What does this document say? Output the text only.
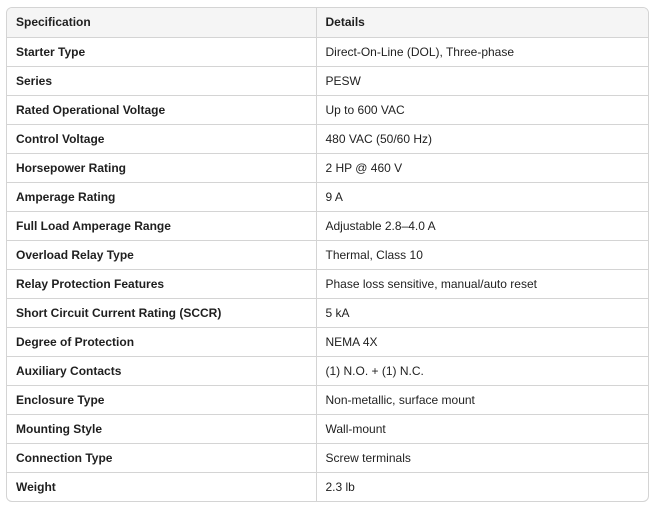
Specification	Details
Starter Type	Direct-On-Line (DOL), Three-phase
Series	PESW
Rated Operational Voltage	Up to 600 VAC
Control Voltage	480 VAC (50/60 Hz)
Horsepower Rating	2 HP @ 460 V
Amperage Rating	9 A
Full Load Amperage Range	Adjustable 2.8–4.0 A
Overload Relay Type	Thermal, Class 10
Relay Protection Features	Phase loss sensitive, manual/auto reset
Short Circuit Current Rating (SCCR)	5 kA
Degree of Protection	NEMA 4X
Auxiliary Contacts	(1) N.O. + (1) N.C.
Enclosure Type	Non-metallic, surface mount
Mounting Style	Wall-mount
Connection Type	Screw terminals
Weight	2.3 lb
